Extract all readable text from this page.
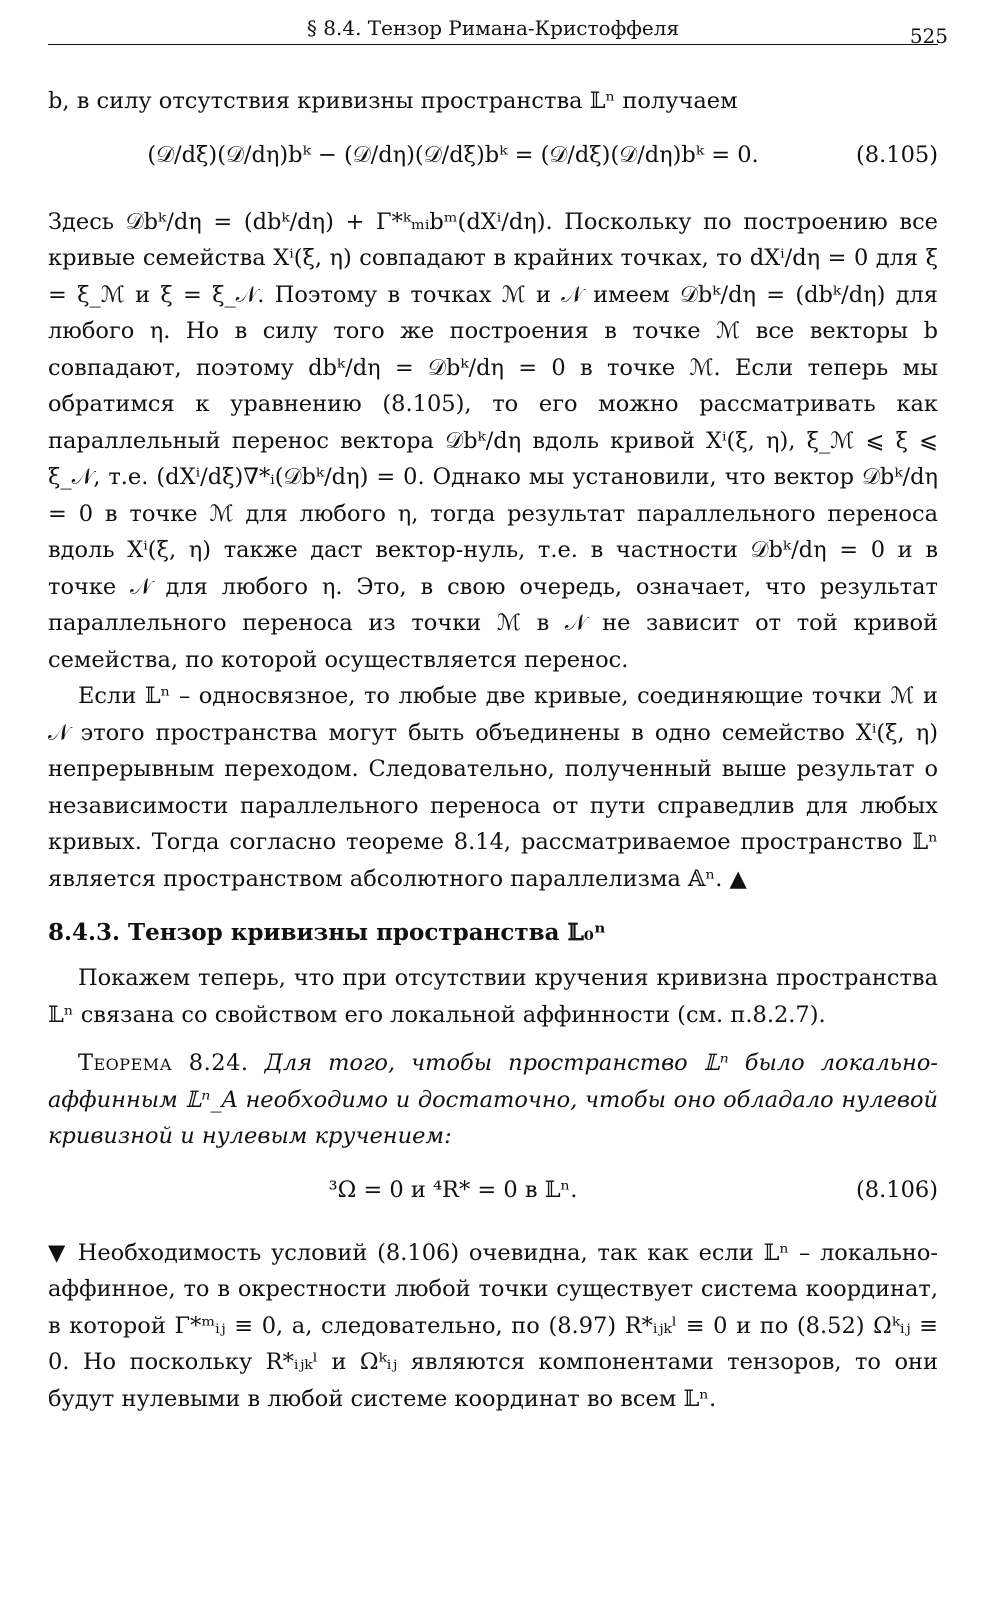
§ 8.4. Тензор Римана-Кристоффеля	525

b, в силу отсутствия кривизны пространства 𝕃ⁿ получаем

(𝒟/dξ)(𝒟/dη)bᵏ − (𝒟/dη)(𝒟/dξ)bᵏ = (𝒟/dξ)(𝒟/dη)bᵏ = 0.	(8.105)

Здесь 𝒟bᵏ/dη = (dbᵏ/dη) + Γ*ᵏₘᵢbᵐ(dXⁱ/dη). Поскольку по построению все кривые семейства Xⁱ(ξ, η) совпадают в крайних точках, то dXⁱ/dη = 0 для ξ = ξ_ℳ и ξ = ξ_𝒩. Поэтому в точках ℳ и 𝒩 имеем 𝒟bᵏ/dη = (dbᵏ/dη) для любого η. Но в силу того же построения в точке ℳ все векторы b совпадают, поэтому dbᵏ/dη = 𝒟bᵏ/dη = 0 в точке ℳ. Если теперь мы обратимся к уравнению (8.105), то его можно рассматривать как параллельный перенос вектора 𝒟bᵏ/dη вдоль кривой Xⁱ(ξ, η), ξ_ℳ ⩽ ξ ⩽ ξ_𝒩, т.е. (dXⁱ/dξ)∇*ᵢ(𝒟bᵏ/dη) = 0. Однако мы установили, что вектор 𝒟bᵏ/dη = 0 в точке ℳ для любого η, тогда результат параллельного переноса вдоль Xⁱ(ξ, η) также даст вектор-нуль, т.е. в частности 𝒟bᵏ/dη = 0 и в точке 𝒩 для любого η. Это, в свою очередь, означает, что результат параллельного переноса из точки ℳ в 𝒩 не зависит от той кривой семейства, по которой осуществляется перенос.

Если 𝕃ⁿ – односвязное, то любые две кривые, соединяющие точки ℳ и 𝒩 этого пространства могут быть объединены в одно семейство Xⁱ(ξ, η) непрерывным переходом. Следовательно, полученный выше результат о независимости параллельного переноса от пути справедлив для любых кривых. Тогда согласно теореме 8.14, рассматриваемое пространство 𝕃ⁿ является пространством абсолютного параллелизма 𝔸ⁿ. ▲

8.4.3. Тензор кривизны пространства 𝕃₀ⁿ

Покажем теперь, что при отсутствии кручения кривизна пространства 𝕃ⁿ связана со свойством его локальной аффинности (см. п.8.2.7).

Теорема 8.24. Для того, чтобы пространство 𝕃ⁿ было локально-аффинным 𝕃ⁿ_A необходимо и достаточно, чтобы оно обладало нулевой кривизной и нулевым кручением:

³Ω = 0 и ⁴R* = 0 в 𝕃ⁿ.	(8.106)

▼ Необходимость условий (8.106) очевидна, так как если 𝕃ⁿ – локально-аффинное, то в окрестности любой точки существует система координат, в которой Γ*ᵐᵢⱼ ≡ 0, а, следовательно, по (8.97) R*ᵢⱼₖˡ ≡ 0 и по (8.52) Ωᵏᵢⱼ ≡ 0. Но поскольку R*ᵢⱼₖˡ и Ωᵏᵢⱼ являются компонентами тензоров, то они будут нулевыми в любой системе координат во всем 𝕃ⁿ.
